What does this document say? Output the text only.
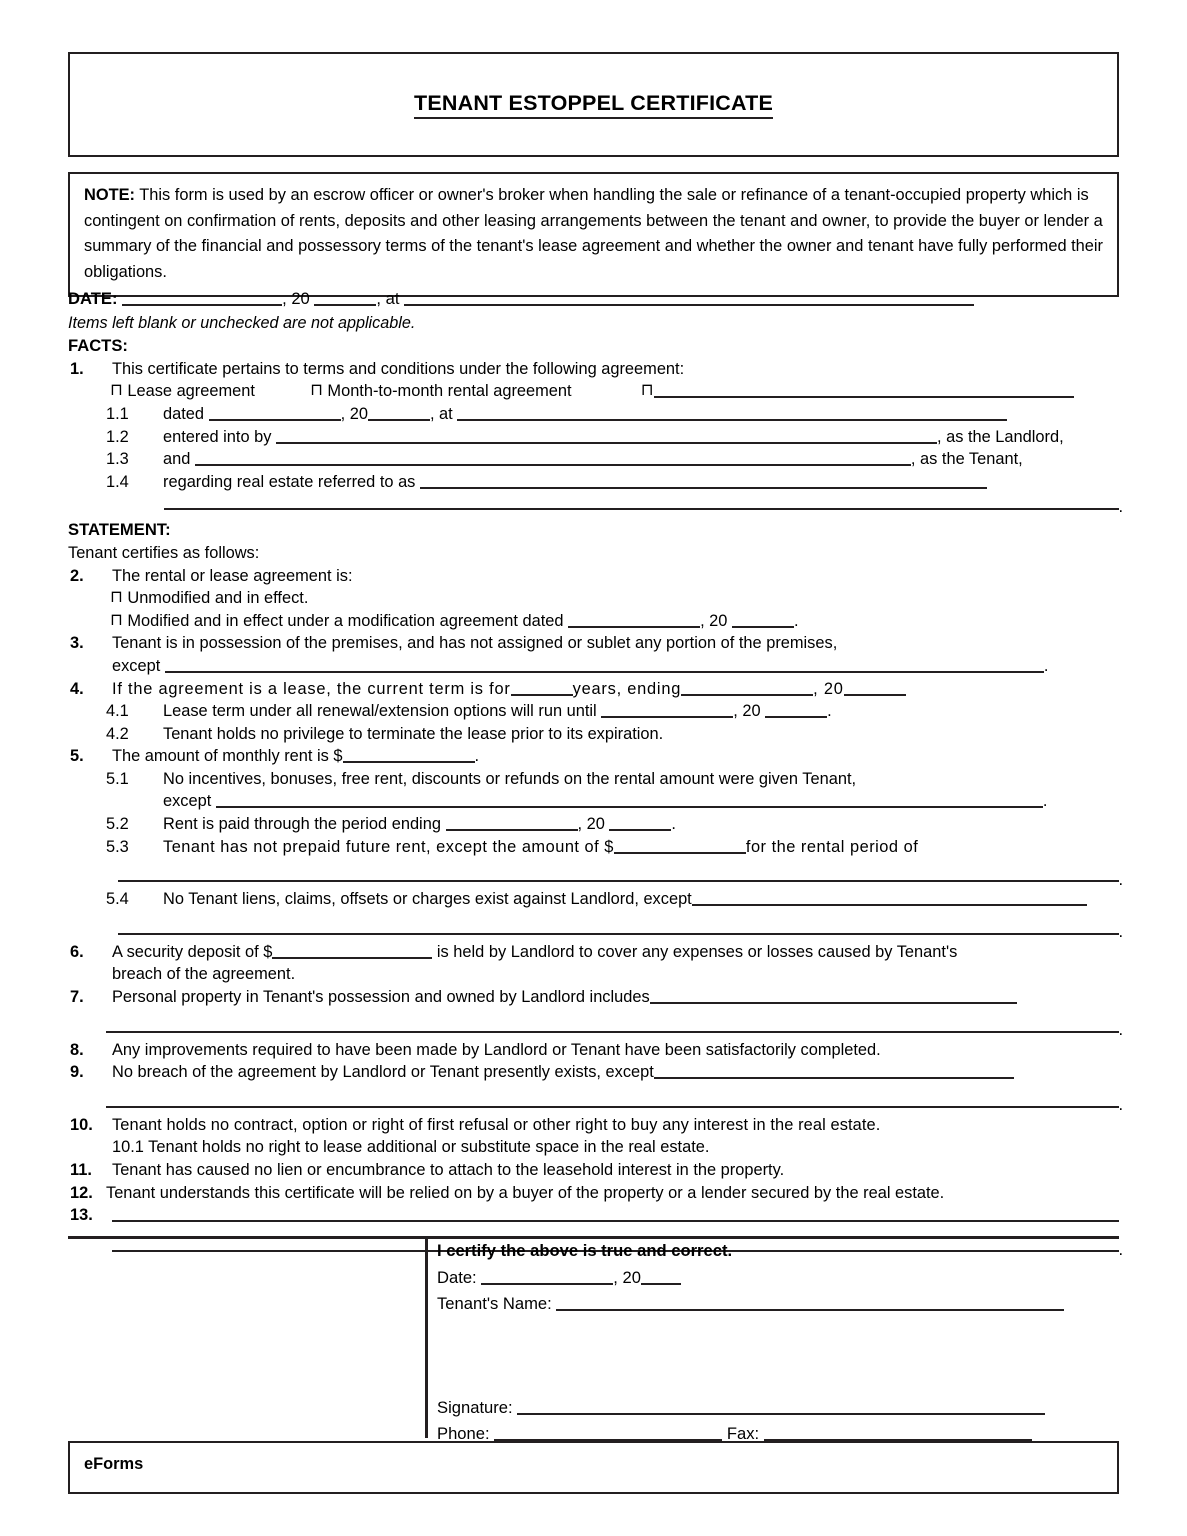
TENANT ESTOPPEL CERTIFICATE

NOTE: This form is used by an escrow officer or owner's broker when handling the sale or refinance of a tenant-occupied property which is contingent on confirmation of rents, deposits and other leasing arrangements between the tenant and owner, to provide the buyer or lender a summary of the financial and possessory terms of the tenant's lease agreement and whether the owner and tenant have fully performed their obligations.

DATE:	, 20	, at
Items left blank or unchecked are not applicable.
FACTS:
1.	This certificate pertains to terms and conditions under the following agreement:
⊓ Lease agreement	⊓ Month-to-month rental agreement	⊓
1.1	dated	, 20	, at
1.2	entered into by	, as the Landlord,
1.3	and	, as the Tenant,
1.4	regarding real estate referred to as
.
STATEMENT:
Tenant certifies as follows:
2.	The rental or lease agreement is:
⊓ Unmodified and in effect.
⊓ Modified and in effect under a modification agreement dated	, 20	.
3.	Tenant is in possession of the premises, and has not assigned or sublet any portion of the premises,
except	.
4.	If the agreement is a lease, the current term is for	years, ending	, 20
4.1	Lease term under all renewal/extension options will run until	, 20	.
4.2	Tenant holds no privilege to terminate the lease prior to its expiration.
5.	The amount of monthly rent is $	.
5.1	No incentives, bonuses, free rent, discounts or refunds on the rental amount were given Tenant,
except	.
5.2	Rent is paid through the period ending	, 20	.
5.3	Tenant has not prepaid future rent, except the amount of $	for the rental period of
.
5.4	No Tenant liens, claims, offsets or charges exist against Landlord, except
.
6.	A security deposit of $	is held by Landlord to cover any expenses or losses caused by Tenant's
breach of the agreement.
7.	Personal property in Tenant's possession and owned by Landlord includes
.
8.	Any improvements required to have been made by Landlord or Tenant have been satisfactorily completed.
9.	No breach of the agreement by Landlord or Tenant presently exists, except
.
10.	Tenant holds no contract, option or right of first refusal or other right to buy any interest in the real estate.
10.1 Tenant holds no right to lease additional or substitute space in the real estate.
11.	Tenant has caused no lien or encumbrance to attach to the leasehold interest in the property.
12. Tenant understands this certificate will be relied on by a buyer of the property or a lender secured by the real estate.
13.
.
I certify the above is true and correct.
Date:	, 20
Tenant's Name:
Signature:
Phone:	Fax:
eForms
